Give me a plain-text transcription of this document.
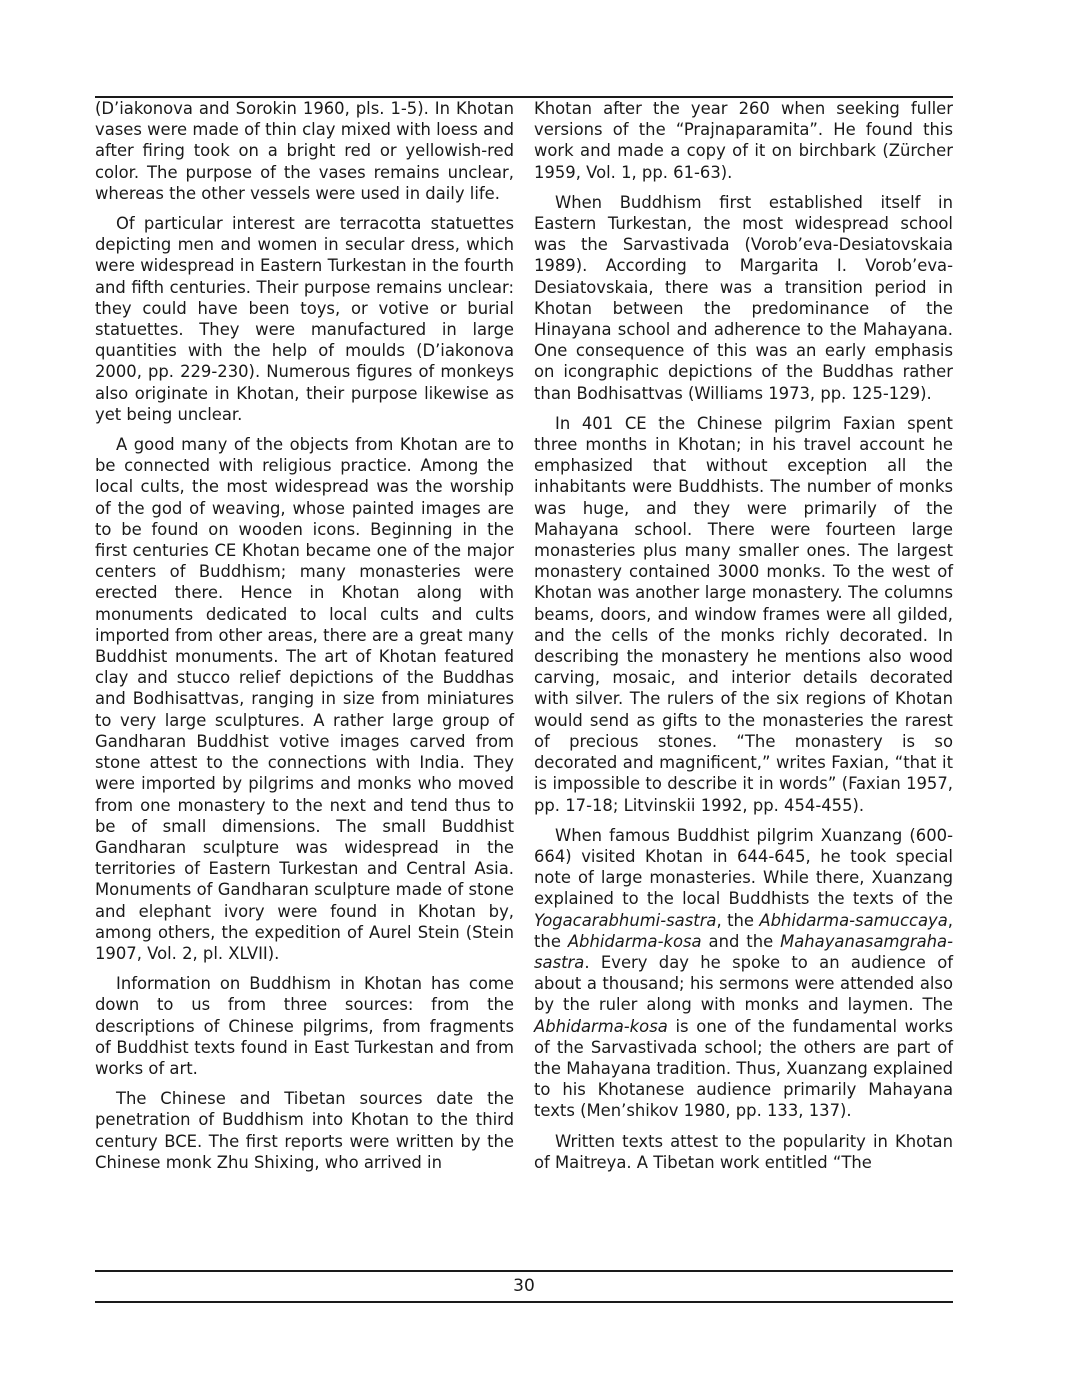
(D’iakonova and Sorokin 1960, pls. 1-5). In Khotan vases were made of thin clay mixed with loess and after firing took on a bright red or yellowish-red color. The purpose of the vases remains unclear, whereas the other vessels were used in daily life.

Of particular interest are terracotta statuettes depicting men and women in secular dress, which were widespread in Eastern Turkestan in the fourth and fifth centuries. Their purpose remains unclear: they could have been toys, or votive or burial statuettes. They were manufactured in large quantities with the help of moulds (D’iakonova 2000, pp. 229-230). Numerous figures of monkeys also originate in Khotan, their purpose likewise as yet being unclear.

A good many of the objects from Khotan are to be connected with religious practice. Among the local cults, the most widespread was the worship of the god of weaving, whose painted images are to be found on wooden icons. Beginning in the first centuries CE Khotan became one of the major centers of Buddhism; many monasteries were erected there. Hence in Khotan along with monuments dedicated to local cults and cults imported from other areas, there are a great many Buddhist monuments. The art of Khotan featured clay and stucco relief depictions of the Buddhas and Bodhisattvas, ranging in size from miniatures to very large sculptures. A rather large group of Gandharan Buddhist votive images carved from stone attest to the connections with India. They were imported by pilgrims and monks who moved from one monastery to the next and tend thus to be of small dimensions. The small Buddhist Gandharan sculpture was widespread in the territories of Eastern Turkestan and Central Asia. Monuments of Gandharan sculpture made of stone and elephant ivory were found in Khotan by, among others, the expedition of Aurel Stein (Stein 1907, Vol. 2, pl. XLVII).

Information on Buddhism in Khotan has come down to us from three sources: from the descriptions of Chinese pilgrims, from fragments of Buddhist texts found in East Turkestan and from works of art.

The Chinese and Tibetan sources date the penetration of Buddhism into Khotan to the third century BCE. The first reports were written by the Chinese monk Zhu Shixing, who arrived in

Khotan after the year 260 when seeking fuller versions of the “Prajnaparamita”. He found this work and made a copy of it on birchbark (Zürcher 1959, Vol. 1, pp. 61-63).

When Buddhism first established itself in Eastern Turkestan, the most widespread school was the Sarvastivada (Vorob’eva-Desiatovskaia 1989). According to Margarita I. Vorob’eva-Desiatovskaia, there was a transition period in Khotan between the predominance of the Hinayana school and adherence to the Mahayana. One consequence of this was an early emphasis on icongraphic depictions of the Buddhas rather than Bodhisattvas (Williams 1973, pp. 125-129).

In 401 CE the Chinese pilgrim Faxian spent three months in Khotan; in his travel account he emphasized that without exception all the inhabitants were Buddhists. The number of monks was huge, and they were primarily of the Mahayana school. There were fourteen large monasteries plus many smaller ones. The largest monastery contained 3000 monks. To the west of Khotan was another large monastery. The columns beams, doors, and window frames were all gilded, and the cells of the monks richly decorated. In describing the monastery he mentions also wood carving, mosaic, and interior details decorated with silver. The rulers of the six regions of Khotan would send as gifts to the monasteries the rarest of precious stones. “The monastery is so decorated and magnificent,” writes Faxian, “that it is impossible to describe it in words” (Faxian 1957, pp. 17-18; Litvinskii 1992, pp. 454-455).

When famous Buddhist pilgrim Xuanzang (600-664) visited Khotan in 644-645, he took special note of large monasteries. While there, Xuanzang explained to the local Buddhists the texts of the Yogacarabhumi-sastra, the Abhidarma-samuccaya, the Abhidarma-kosa and the Mahayanasamgraha-sastra. Every day he spoke to an audience of about a thousand; his sermons were attended also by the ruler along with monks and laymen. The Abhidarma-kosa is one of the fundamental works of the Sarvastivada school; the others are part of the Mahayana tradition. Thus, Xuanzang explained to his Khotanese audience primarily Mahayana texts (Men’shikov 1980, pp. 133, 137).

Written texts attest to the popularity in Khotan of Maitreya. A Tibetan work entitled “The

30
